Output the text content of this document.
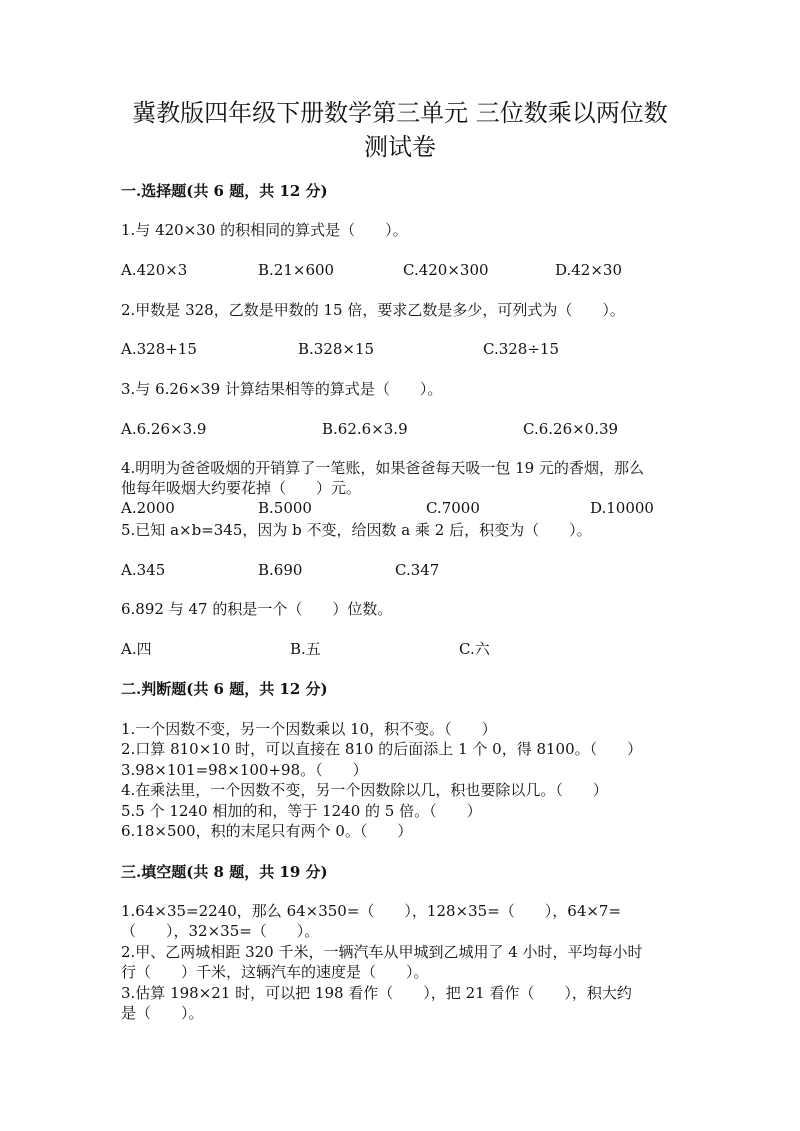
冀教版四年级下册数学第三单元 三位数乘以两位数
测试卷
一.选择题(共 6 题，共 12 分)
1.与 420×30 的积相同的算式是（　　）。
A.420×3	B.21×600	C.420×300	D.42×30
2.甲数是 328，乙数是甲数的 15 倍，要求乙数是多少，可列式为（　　）。
A.328+15	B.328×15	C.328÷15
3.与 6.26×39 计算结果相等的算式是（　　）。
A.6.26×3.9	B.62.6×3.9	C.6.26×0.39
4.明明为爸爸吸烟的开销算了一笔账，如果爸爸每天吸一包 19 元的香烟，那么
他每年吸烟大约要花掉（　　）元。
A.2000	B.5000	C.7000	D.10000
5.已知 a×b=345，因为 b 不变，给因数 a 乘 2 后，积变为（　　）。
A.345	B.690	C.347
6.892 与 47 的积是一个（　　）位数。
A.四	B.五	C.六
二.判断题(共 6 题，共 12 分)
1.一个因数不变，另一个因数乘以 10，积不变。（　　）
2.口算 810×10 时，可以直接在 810 的后面添上 1 个 0，得 8100。（　　）
3.98×101=98×100+98。（　　）
4.在乘法里，一个因数不变，另一个因数除以几，积也要除以几。（　　）
5.5 个 1240 相加的和，等于 1240 的 5 倍。（　　）
6.18×500，积的末尾只有两个 0。（　　）
三.填空题(共 8 题，共 19 分)
1.64×35=2240，那么 64×350=（　　），128×35=（　　），64×7=
（　　），32×35=（　　）。
2.甲、乙两城相距 320 千米，一辆汽车从甲城到乙城用了 4 小时，平均每小时
行（　　）千米，这辆汽车的速度是（　　）。
3.估算 198×21 时，可以把 198 看作（　　），把 21 看作（　　），积大约
是（　　）。
